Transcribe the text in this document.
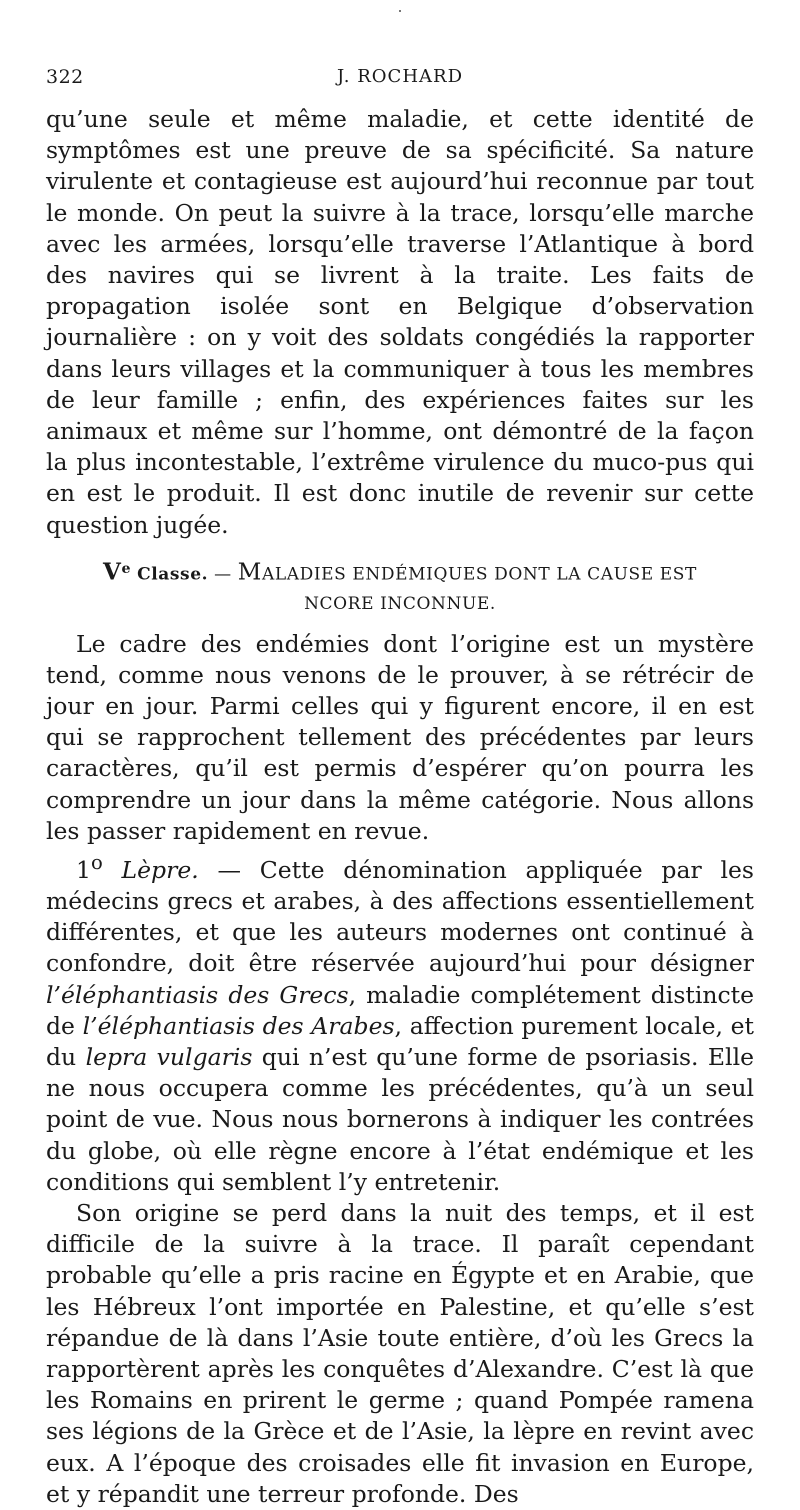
322	J. ROCHARD

qu’une seule et même maladie, et cette identité de symptômes est une preuve de sa spécificité. Sa nature virulente et contagieuse est aujourd’hui reconnue par tout le monde. On peut la suivre à la trace, lorsqu’elle marche avec les armées, lorsqu’elle traverse l’Atlantique à bord des navires qui se livrent à la traite. Les faits de propagation isolée sont en Belgique d’observation journalière : on y voit des soldats congédiés la rapporter dans leurs villages et la communiquer à tous les membres de leur famille ; enfin, des expériences faites sur les animaux et même sur l’homme, ont démontré de la façon la plus incontestable, l’extrême virulence du muco-pus qui en est le produit. Il est donc inutile de revenir sur cette question jugée.

Ve Classe. — MALADIES ENDÉMIQUES DONT LA CAUSE EST
NCORE INCONNUE.

Le cadre des endémies dont l’origine est un mystère tend, comme nous venons de le prouver, à se rétrécir de jour en jour. Parmi celles qui y figurent encore, il en est qui se rapprochent tellement des précédentes par leurs caractères, qu’il est permis d’espérer qu’on pourra les comprendre un jour dans la même catégorie. Nous allons les passer rapidement en revue.

1$^o$ Lèpre. — Cette dénomination appliquée par les médecins grecs et arabes, à des affections essentiellement différentes, et que les auteurs modernes ont continué à confondre, doit être réservée aujourd’hui pour désigner l’éléphantiasis des Grecs, maladie complétement distincte de l’éléphantiasis des Arabes, affection purement locale, et du lepra vulgaris qui n’est qu’une forme de psoriasis. Elle ne nous occupera comme les précédentes, qu’à un seul point de vue. Nous nous bornerons à indiquer les contrées du globe, où elle règne encore à l’état endémique et les conditions qui semblent l’y entretenir.

Son origine se perd dans la nuit des temps, et il est difficile de la suivre à la trace. Il paraît cependant probable qu’elle a pris racine en Égypte et en Arabie, que les Hébreux l’ont importée en Palestine, et qu’elle s’est répandue de là dans l’Asie toute entière, d’où les Grecs la rapportèrent après les conquêtes d’Alexandre. C’est là que les Romains en prirent le germe ; quand Pompée ramena ses légions de la Grèce et de l’Asie, la lèpre en revint avec eux. A l’époque des croisades elle fit invasion en Europe, et y répandit une terreur profonde. Des
